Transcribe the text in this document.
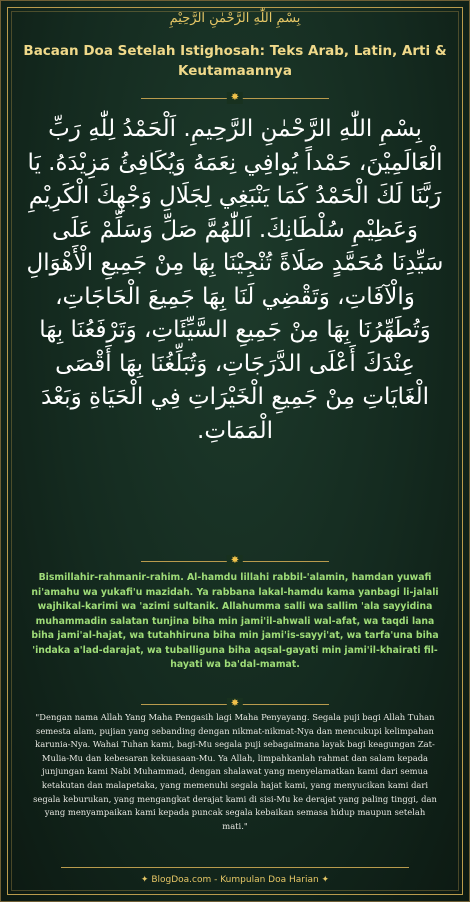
بِسْمِ اللّٰهِ الرَّحْمٰنِ الرَّحِيْمِ
Bacaan Doa Setelah Istighosah: Teks Arab, Latin, Arti & Keutamaannya
✸
بِسْمِ اللّٰهِ الرَّحْمٰنِ الرَّحِيمِ. اَلْحَمْدُ لِلّٰهِ رَبِّ الْعَالَمِيْنَ، حَمْداً يُوافِي نِعَمَهُ وَيُكَافِئُ مَزِيْدَهُ. يَا رَبَّنَا لَكَ الْحَمْدُ كَمَا يَنْبَغِي لِجَلَالِ وَجْهِكَ الْكَرِيْمِ وَعَظِيْمِ سُلْطَانِكَ. اَللّٰهُمَّ صَلِّ وَسَلِّمْ عَلَى سَيِّدِنَا مُحَمَّدٍ صَلَاةً تُنْجِيْنَا بِهَا مِنْ جَمِيعِ الْأَهْوَالِ وَالْآفَاتِ، وَتَقْضِي لَنَا بِهَا جَمِيعَ الْحَاجَاتِ، وَتُطَهِّرُنَا بِهَا مِنْ جَمِيعِ السَّيِّئَاتِ، وَتَرْفَعُنَا بِهَا عِنْدَكَ أَعْلَى الدَّرَجَاتِ، وَتُبَلِّغُنَا بِهَا أَقْصَى الْغَايَاتِ مِنْ جَمِيعِ الْخَيْرَاتِ فِي الْحَيَاةِ وَبَعْدَ الْمَمَاتِ.
✸
Bismillahir-rahmanir-rahim. Al-hamdu lillahi rabbil-'alamin, hamdan yuwafi ni'amahu wa yukafi'u mazidah. Ya rabbana lakal-hamdu kama yanbagi li-jalali wajhikal-karimi wa 'azimi sultanik. Allahumma salli wa sallim 'ala sayyidina muhammadin salatan tunjina biha min jami'il-ahwali wal-afat, wa taqdi lana biha jami'al-hajat, wa tutahhiruna biha min jami'is-sayyi'at, wa tarfa'una biha 'indaka a'lad-darajat, wa tuballiguna biha aqsal-gayati min jami'il-khairati fil-hayati wa ba'dal-mamat.
✸
"Dengan nama Allah Yang Maha Pengasih lagi Maha Penyayang. Segala puji bagi Allah Tuhan semesta alam, pujian yang sebanding dengan nikmat-nikmat-Nya dan mencukupi kelimpahan karunia-Nya. Wahai Tuhan kami, bagi-Mu segala puji sebagaimana layak bagi keagungan Zat-Mulia-Mu dan kebesaran kekuasaan-Mu. Ya Allah, limpahkanlah rahmat dan salam kepada junjungan kami Nabi Muhammad, dengan shalawat yang menyelamatkan kami dari semua ketakutan dan malapetaka, yang memenuhi segala hajat kami, yang menyucikan kami dari segala keburukan, yang mengangkat derajat kami di sisi-Mu ke derajat yang paling tinggi, dan yang menyampaikan kami kepada puncak segala kebaikan semasa hidup maupun setelah mati."
✦ BlogDoa.com - Kumpulan Doa Harian ✦
